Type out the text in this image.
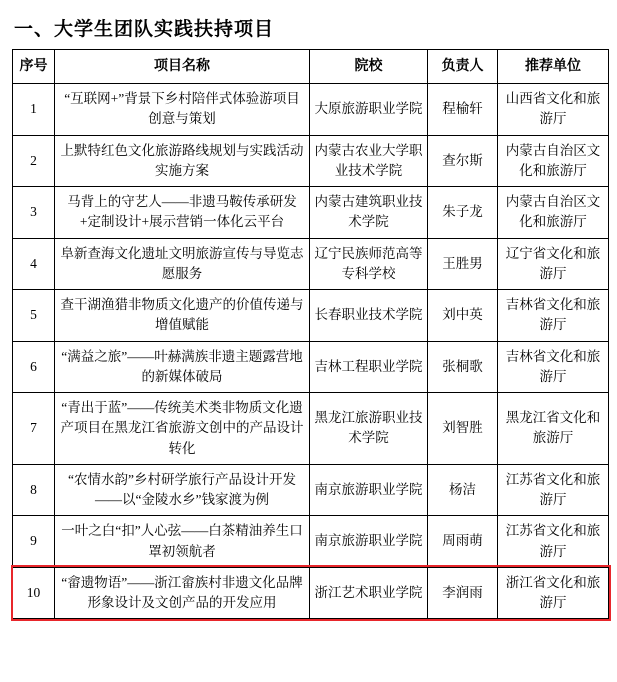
一、大学生团队实践扶持项目
序号	项目名称	院校	负责人	推荐单位
1	“互联网+”背景下乡村陪伴式体验游项目创意与策划	大原旅游职业学院	程榆轩	山西省文化和旅游厅
2	上默特红色文化旅游路线规划与实践活动实施方案	内蒙古农业大学职业技术学院	查尔斯	内蒙古自治区文化和旅游厅
3	马背上的守艺人——非遗马鞍传承研发+定制设计+展示营销一体化云平台	内蒙古建筑职业技术学院	朱子龙	内蒙古自治区文化和旅游厅
4	阜新查海文化遗址文明旅游宣传与导览志愿服务	辽宁民族师范高等专科学校	王胜男	辽宁省文化和旅游厅
5	查干湖渔猎非物质文化遗产的价值传递与增值赋能	长春职业技术学院	刘中英	吉林省文化和旅游厅
6	“满益之旅”——叶赫满族非遗主题露营地的新媒体破局	吉林工程职业学院	张桐歌	吉林省文化和旅游厅
7	“青出于蓝”——传统美术类非物质文化遗产项目在黑龙江省旅游文创中的产品设计转化	黑龙江旅游职业技术学院	刘智胜	黑龙江省文化和旅游厅
8	“农情水韵”乡村研学旅行产品设计开发——以“金陵水乡”钱家渡为例	南京旅游职业学院	杨洁	江苏省文化和旅游厅
9	一叶之白“扣”人心弦——白茶精油养生口罩初领航者	南京旅游职业学院	周雨萌	江苏省文化和旅游厅
10	“畲遗物语”——浙江畲族村非遗文化品牌形象设计及文创产品的开发应用	浙江艺术职业学院	李润雨	浙江省文化和旅游厅
